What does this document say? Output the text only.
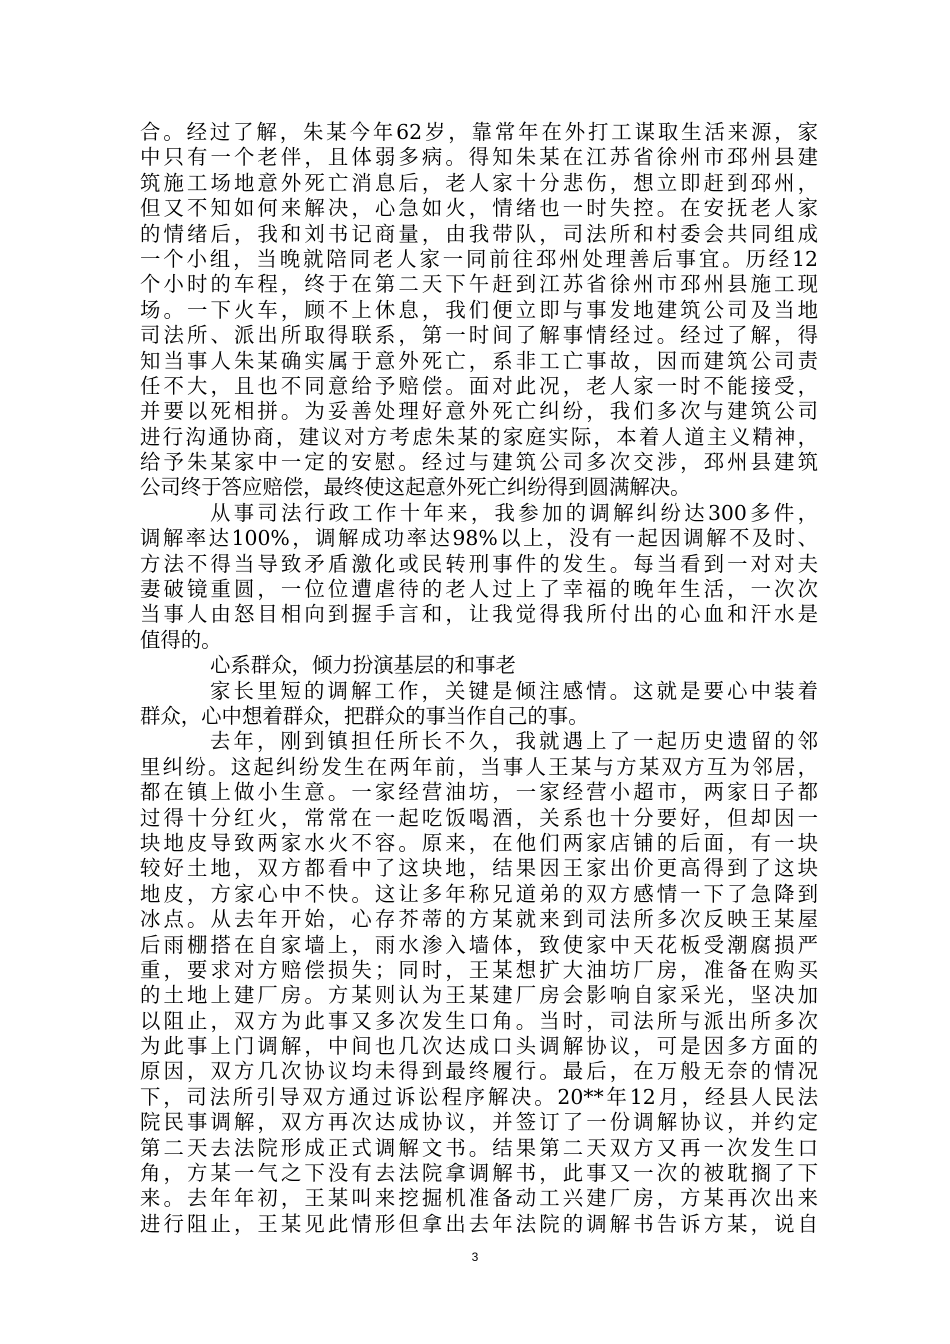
合。经过了解，朱某今年62岁，靠常年在外打工谋取生活来源，家
中只有一个老伴，且体弱多病。得知朱某在江苏省徐州市邳州县建
筑施工场地意外死亡消息后，老人家十分悲伤，想立即赶到邳州，
但又不知如何来解决，心急如火，情绪也一时失控。在安抚老人家
的情绪后，我和刘书记商量，由我带队，司法所和村委会共同组成
一个小组，当晚就陪同老人家一同前往邳州处理善后事宜。历经12
个小时的车程，终于在第二天下午赶到江苏省徐州市邳州县施工现
场。一下火车，顾不上休息，我们便立即与事发地建筑公司及当地
司法所、派出所取得联系，第一时间了解事情经过。经过了解，得
知当事人朱某确实属于意外死亡，系非工亡事故，因而建筑公司责
任不大，且也不同意给予赔偿。面对此况，老人家一时不能接受，
并要以死相拼。为妥善处理好意外死亡纠纷，我们多次与建筑公司
进行沟通协商，建议对方考虑朱某的家庭实际，本着人道主义精神，
给予朱某家中一定的安慰。经过与建筑公司多次交涉，邳州县建筑
公司终于答应赔偿，最终使这起意外死亡纠纷得到圆满解决。
从事司法行政工作十年来，我参加的调解纠纷达300多件，
调解率达100%，调解成功率达98%以上，没有一起因调解不及时、
方法不得当导致矛盾激化或民转刑事件的发生。每当看到一对对夫
妻破镜重圆，一位位遭虐待的老人过上了幸福的晚年生活，一次次
当事人由怒目相向到握手言和，让我觉得我所付出的心血和汗水是
值得的。
心系群众，倾力扮演基层的和事老
家长里短的调解工作，关键是倾注感情。这就是要心中装着
群众，心中想着群众，把群众的事当作自己的事。
去年，刚到镇担任所长不久，我就遇上了一起历史遗留的邻
里纠纷。这起纠纷发生在两年前，当事人王某与方某双方互为邻居，
都在镇上做小生意。一家经营油坊，一家经营小超市，两家日子都
过得十分红火，常常在一起吃饭喝酒，关系也十分要好，但却因一
块地皮导致两家水火不容。原来，在他们两家店铺的后面，有一块
较好土地，双方都看中了这块地，结果因王家出价更高得到了这块
地皮，方家心中不快。这让多年称兄道弟的双方感情一下了急降到
冰点。从去年开始，心存芥蒂的方某就来到司法所多次反映王某屋
后雨棚搭在自家墙上，雨水渗入墙体，致使家中天花板受潮腐损严
重，要求对方赔偿损失；同时，王某想扩大油坊厂房，准备在购买
的土地上建厂房。方某则认为王某建厂房会影响自家采光，坚决加
以阻止，双方为此事又多次发生口角。当时，司法所与派出所多次
为此事上门调解，中间也几次达成口头调解协议，可是因多方面的
原因，双方几次协议均未得到最终履行。最后，在万般无奈的情况
下，司法所引导双方通过诉讼程序解决。20**年12月，经县人民法
院民事调解，双方再次达成协议，并签订了一份调解协议，并约定
第二天去法院形成正式调解文书。结果第二天双方又再一次发生口
角，方某一气之下没有去法院拿调解书，此事又一次的被耽搁了下
来。去年年初，王某叫来挖掘机准备动工兴建厂房，方某再次出来
进行阻止，王某见此情形但拿出去年法院的调解书告诉方某，说自
3
